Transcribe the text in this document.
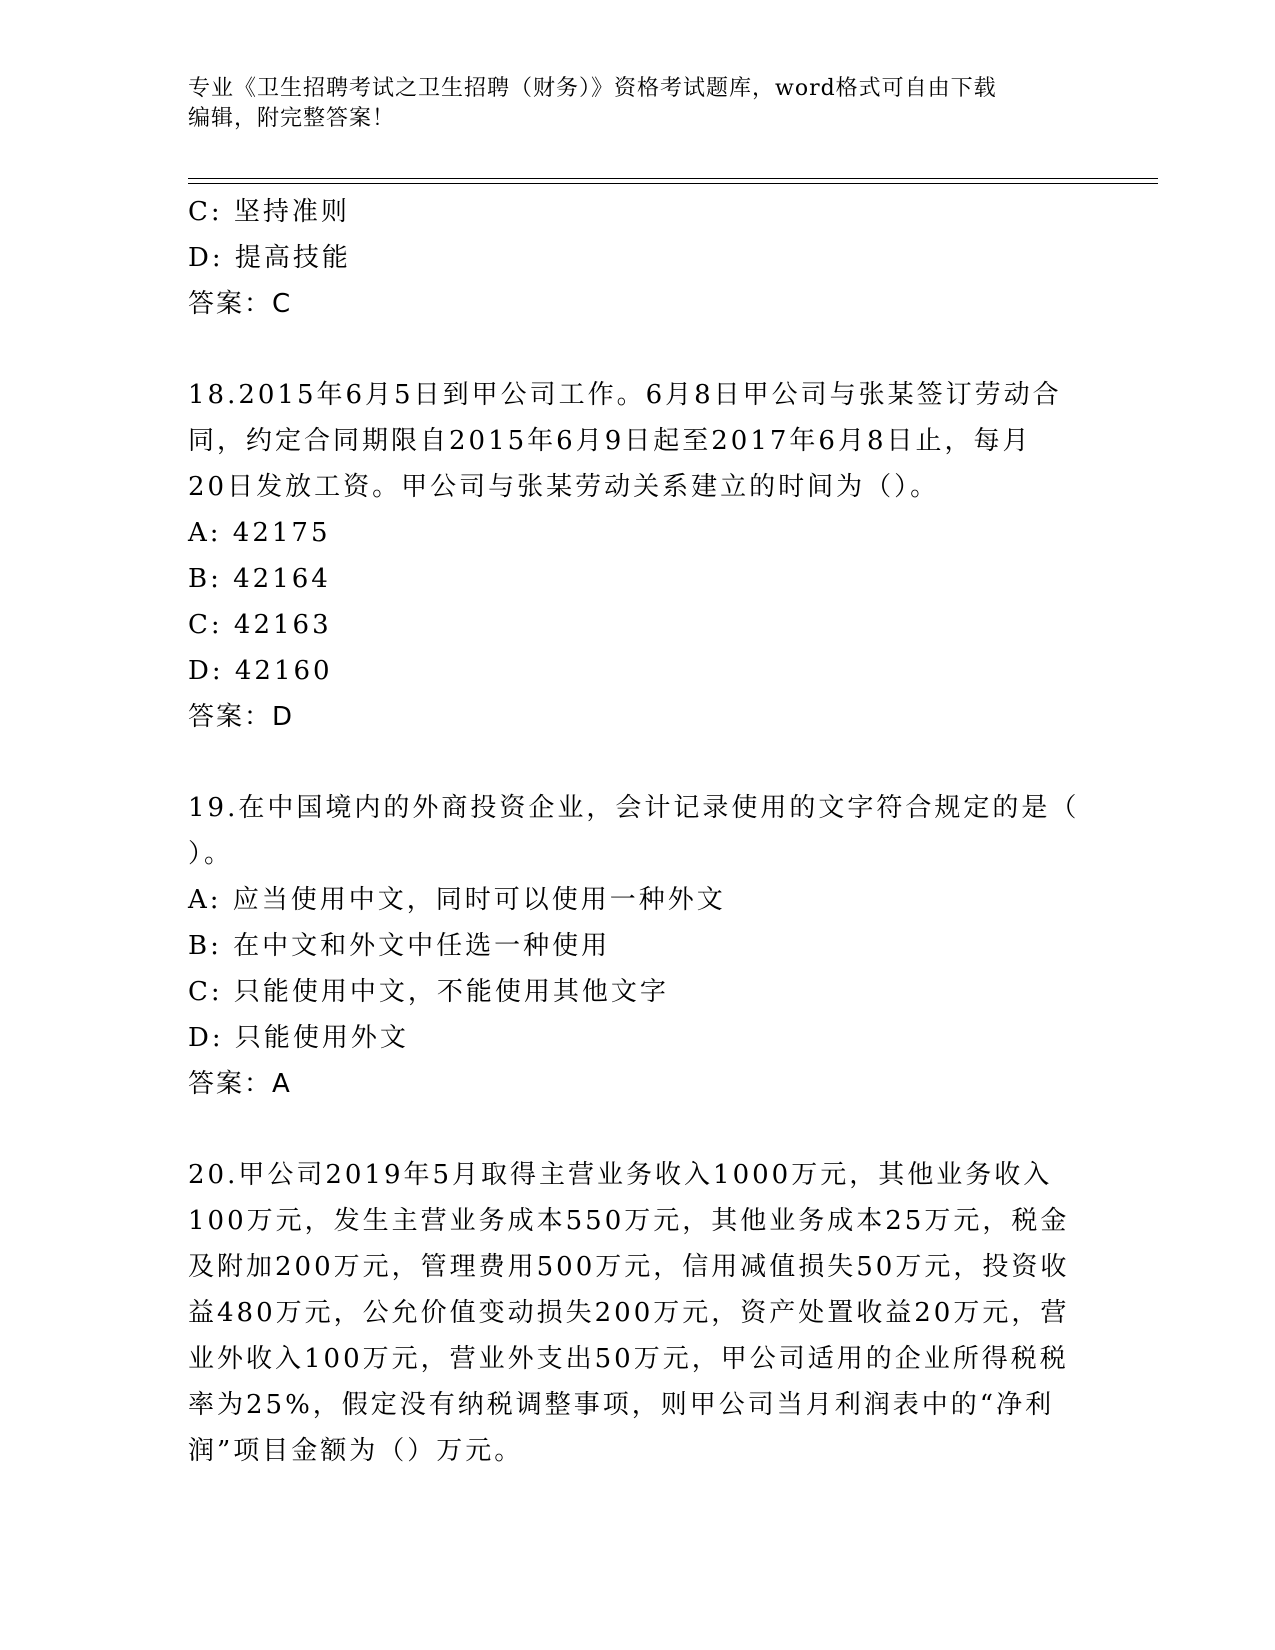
专业《卫生招聘考试之卫生招聘（财务）》资格考试题库，word格式可自由下载
编辑，附完整答案！
C: 坚持准则
D: 提高技能
答案：C
18.2015年6月5日到甲公司工作。6月8日甲公司与张某签订劳动合
同，约定合同期限自2015年6月9日起至2017年6月8日止，每月
20日发放工资。甲公司与张某劳动关系建立的时间为（）。
A: 42175
B: 42164
C: 42163
D: 42160
答案：D
19.在中国境内的外商投资企业，会计记录使用的文字符合规定的是（
）。
A: 应当使用中文，同时可以使用一种外文
B: 在中文和外文中任选一种使用
C: 只能使用中文，不能使用其他文字
D: 只能使用外文
答案：A
20.甲公司2019年5月取得主营业务收入1000万元，其他业务收入
100万元，发生主营业务成本550万元，其他业务成本25万元，税金
及附加200万元，管理费用500万元，信用减值损失50万元，投资收
益480万元，公允价值变动损失200万元，资产处置收益20万元，营
业外收入100万元，营业外支出50万元，甲公司适用的企业所得税税
率为25%，假定没有纳税调整事项，则甲公司当月利润表中的“净利
润”项目金额为（）万元。
